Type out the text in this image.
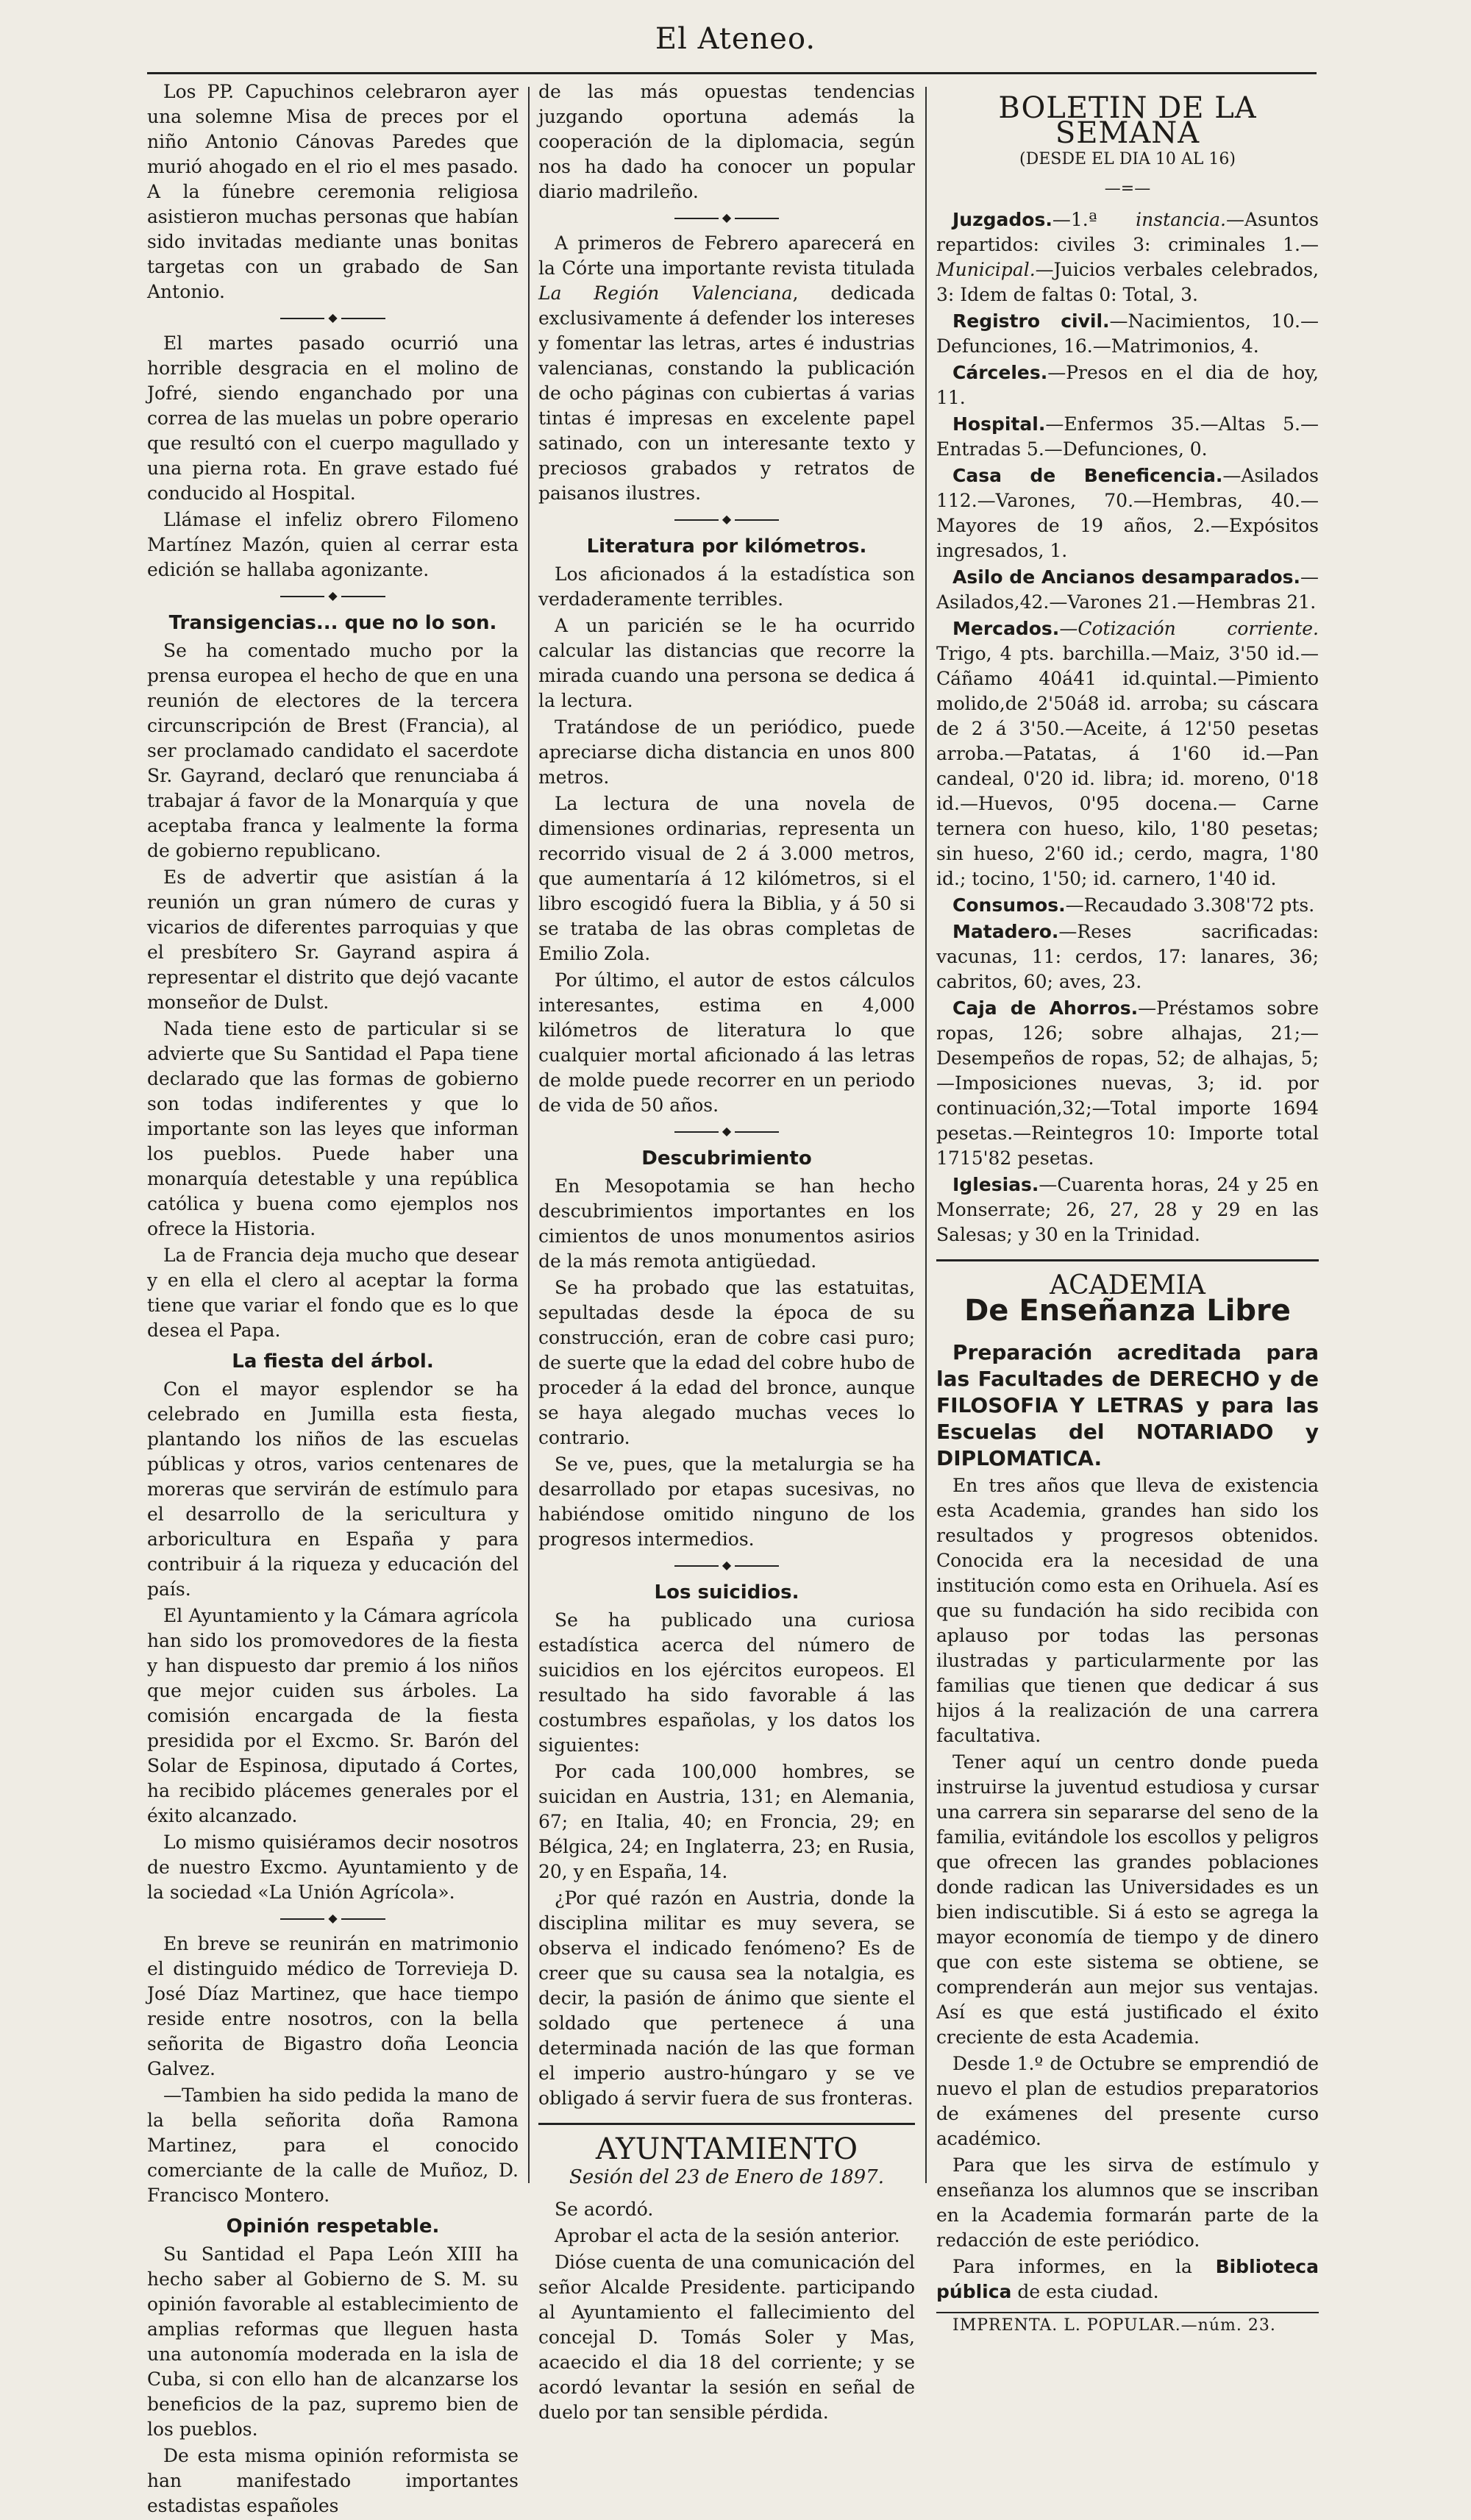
El Ateneo.

Los PP. Capuchinos celebraron ayer una solemne Misa de preces por el niño Antonio Cánovas Paredes que murió ahogado en el rio el mes pasado. A la fúnebre ceremonia religiosa asistieron muchas personas que habían sido invitadas mediante unas bonitas targetas con un grabado de San Antonio.

◆

El martes pasado ocurrió una horrible desgracia en el molino de Jofré, siendo enganchado por una correa de las muelas un pobre operario que resultó con el cuerpo magullado y una pierna rota. En grave estado fué conducido al Hospital.

Llámase el infeliz obrero Filomeno Martínez Mazón, quien al cerrar esta edición se hallaba agonizante.

◆
Transigencias... que no lo son.

Se ha comentado mucho por la prensa europea el hecho de que en una reunión de electores de la tercera circunscripción de Brest (Francia), al ser proclamado candidato el sacerdote Sr. Gayrand, declaró que renunciaba á trabajar á favor de la Monarquía y que aceptaba franca y lealmente la forma de gobierno republicano.

Es de advertir que asistían á la reunión un gran número de curas y vicarios de diferentes parroquias y que el presbítero Sr. Gayrand aspira á representar el distrito que dejó vacante monseñor de Dulst.

Nada tiene esto de particular si se advierte que Su Santidad el Papa tiene declarado que las formas de gobierno son todas indiferentes y que lo importante son las leyes que informan los pueblos. Puede haber una monarquía detestable y una república católica y buena como ejemplos nos ofrece la Historia.

La de Francia deja mucho que desear y en ella el clero al aceptar la forma tiene que variar el fondo que es lo que desea el Papa.

La fiesta del árbol.

Con el mayor esplendor se ha celebrado en Jumilla esta fiesta, plantando los niños de las escuelas públicas y otros, varios centenares de moreras que servirán de estímulo para el desarrollo de la sericultura y arboricultura en España y para contribuir á la riqueza y educación del país.

El Ayuntamiento y la Cámara agrícola han sido los promovedores de la fiesta y han dispuesto dar premio á los niños que mejor cuiden sus árboles. La comisión encargada de la fiesta presidida por el Excmo. Sr. Barón del Solar de Espinosa, diputado á Cortes, ha recibido plácemes generales por el éxito alcanzado.

Lo mismo quisiéramos decir nosotros de nuestro Excmo. Ayuntamiento y de la sociedad «La Unión Agrícola».

◆

En breve se reunirán en matrimonio el distinguido médico de Torrevieja D. José Díaz Martinez, que hace tiempo reside entre nosotros, con la bella señorita de Bigastro doña Leoncia Galvez.

—Tambien ha sido pedida la mano de la bella señorita doña Ramona Martinez, para el conocido comerciante de la calle de Muñoz, D. Francisco Montero.

Opinión respetable.

Su Santidad el Papa León XIII ha hecho saber al Gobierno de S. M. su opinión favorable al establecimiento de amplias reformas que lleguen hasta una autonomía moderada en la isla de Cuba, si con ello han de alcanzarse los beneficios de la paz, supremo bien de los pueblos.

De esta misma opinión reformista se han manifestado importantes estadistas españoles

de las más opuestas tendencias juzgando oportuna además la cooperación de la diplomacia, según nos ha dado ha conocer un popular diario madrileño.

◆

A primeros de Febrero aparecerá en la Córte una importante revista titulada La Región Valenciana, dedicada exclusivamente á defender los intereses y fomentar las letras, artes é industrias valencianas, constando la publicación de ocho páginas con cubiertas á varias tintas é impresas en excelente papel satinado, con un interesante texto y preciosos grabados y retratos de paisanos ilustres.

◆
Literatura por kilómetros.

Los aficionados á la estadística son verdaderamente terribles.

A un paricién se le ha ocurrido calcular las distancias que recorre la mirada cuando una persona se dedica á la lectura.

Tratándose de un periódico, puede apreciarse dicha distancia en unos 800 metros.

La lectura de una novela de dimensiones ordinarias, representa un recorrido visual de 2 á 3.000 metros, que aumentaría á 12 kilómetros, si el libro escogidó fuera la Biblia, y á 50 si se trataba de las obras completas de Emilio Zola.

Por último, el autor de estos cálculos interesantes, estima en 4,000 kilómetros de literatura lo que cualquier mortal aficionado á las letras de molde puede recorrer en un periodo de vida de 50 años.

◆
Descubrimiento

En Mesopotamia se han hecho descubrimientos importantes en los cimientos de unos monumentos asirios de la más remota antigüedad.

Se ha probado que las estatuitas, sepultadas desde la época de su construcción, eran de cobre casi puro; de suerte que la edad del cobre hubo de proceder á la edad del bronce, aunque se haya alegado muchas veces lo contrario.

Se ve, pues, que la metalurgia se ha desarrollado por etapas sucesivas, no habiéndose omitido ninguno de los progresos intermedios.

◆
Los suicidios.

Se ha publicado una curiosa estadística acerca del número de suicidios en los ejércitos europeos. El resultado ha sido favorable á las costumbres españolas, y los datos los siguientes:

Por cada 100,000 hombres, se suicidan en Austria, 131; en Alemania, 67; en Italia, 40; en Froncia, 29; en Bélgica, 24; en Inglaterra, 23; en Rusia, 20, y en España, 14.

¿Por qué razón en Austria, donde la disciplina militar es muy severa, se observa el indicado fenómeno? Es de creer que su causa sea la notalgia, es decir, la pasión de ánimo que siente el soldado que pertenece á una determinada nación de las que forman el imperio austro-húngaro y se ve obligado á servir fuera de sus fronteras.

AYUNTAMIENTO
Sesión del 23 de Enero de 1897.

Se acordó.

Aprobar el acta de la sesión anterior.

Dióse cuenta de una comunicación del señor Alcalde Presidente. participando al Ayuntamiento el fallecimiento del concejal D. Tomás Soler y Mas, acaecido el dia 18 del corriente; y se acordó levantar la sesión en señal de duelo por tan sensible pérdida.

BOLETIN DE LA SEMANA
(DESDE EL DIA 10 AL 16)
—=—

Juzgados.—1.ª instancia.—Asuntos repartidos: civiles 3: criminales 1.—Municipal.—Juicios verbales celebrados, 3: Idem de faltas 0: Total, 3.

Registro civil.—Nacimientos, 10.—Defunciones, 16.—Matrimonios, 4.

Cárceles.—Presos en el dia de hoy, 11.

Hospital.—Enfermos 35.—Altas 5.—Entradas 5.—Defunciones, 0.

Casa de Beneficencia.—Asilados 112.—Varones, 70.—Hembras, 40.—Mayores de 19 años, 2.—Expósitos ingresados, 1.

Asilo de Ancianos desamparados.—Asilados,42.—Varones 21.—Hembras 21.

Mercados.—Cotización corriente. Trigo, 4 pts. barchilla.—Maiz, 3'50 id.—Cáñamo 40á41 id.quintal.—Pimiento molido,de 2'50á8 id. arroba; su cáscara de 2 á 3'50.—Aceite, á 12'50 pesetas arroba.—Patatas, á 1'60 id.—Pan candeal, 0'20 id. libra; id. moreno, 0'18 id.—Huevos, 0'95 docena.— Carne ternera con hueso, kilo, 1'80 pesetas; sin hueso, 2'60 id.; cerdo, magra, 1'80 id.; tocino, 1'50; id. carnero, 1'40 id.

Consumos.—Recaudado 3.308'72 pts.

Matadero.—Reses sacrificadas: vacunas, 11: cerdos, 17: lanares, 36; cabritos, 60; aves, 23.

Caja de Ahorros.—Préstamos sobre ropas, 126; sobre alhajas, 21;—Desempeños de ropas, 52; de alhajas, 5;—Imposiciones nuevas, 3; id. por continuación,32;—Total importe 1694 pesetas.—Reintegros 10: Importe total 1715'82 pesetas.

Iglesias.—Cuarenta horas, 24 y 25 en Monserrate; 26, 27, 28 y 29 en las Salesas; y 30 en la Trinidad.

ACADEMIA
De Enseñanza Libre

Preparación acreditada para las Facultades de DERECHO y de FILOSOFIA Y LETRAS y para las Escuelas del NOTARIADO y DIPLOMATICA.

En tres años que lleva de existencia esta Academia, grandes han sido los resultados y progresos obtenidos. Conocida era la necesidad de una institución como esta en Orihuela. Así es que su fundación ha sido recibida con aplauso por todas las personas ilustradas y particularmente por las familias que tienen que dedicar á sus hijos á la realización de una carrera facultativa.

Tener aquí un centro donde pueda instruirse la juventud estudiosa y cursar una carrera sin separarse del seno de la familia, evitándole los escollos y peligros que ofrecen las grandes poblaciones donde radican las Universidades es un bien indiscutible. Si á esto se agrega la mayor economía de tiempo y de dinero que con este sistema se obtiene, se comprenderán aun mejor sus ventajas. Así es que está justificado el éxito creciente de esta Academia.

Desde 1.º de Octubre se emprendió de nuevo el plan de estudios preparatorios de exámenes del presente curso académico.

Para que les sirva de estímulo y enseñanza los alumnos que se inscriban en la Academia formarán parte de la redacción de este periódico.

Para informes, en la Biblioteca pública de esta ciudad.

IMPRENTA. L. POPULAR.—núm. 23.
